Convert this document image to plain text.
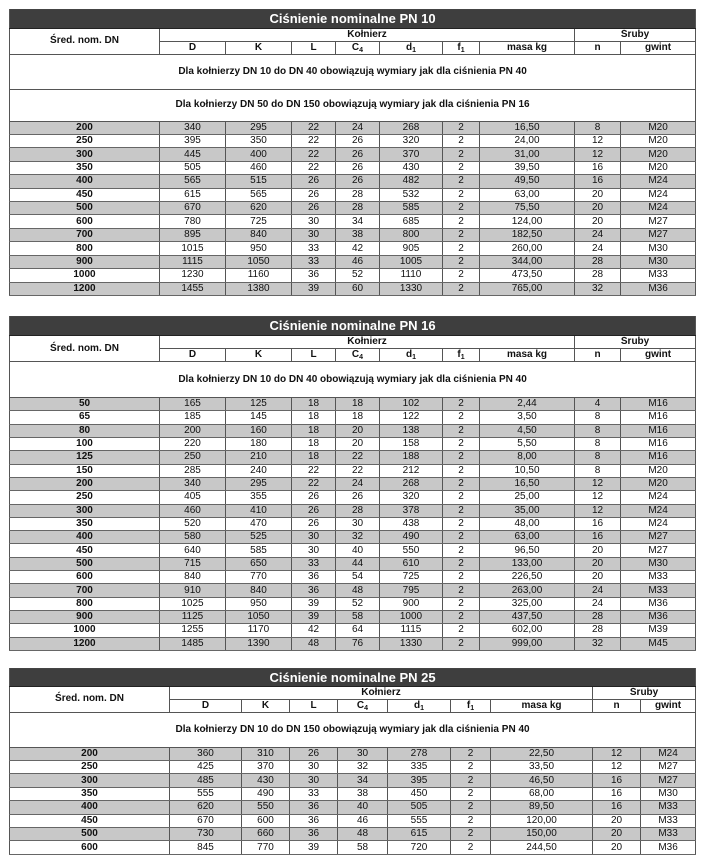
Ciśnienie nominalne PN 10									
Śred. nom. DN	Kołnierz							Śruby	
	D	K	L	$C_4$	$d_1$	$f_1$	masa kg	n	gwint
Dla kołnierzy DN 10 do DN 40 obowiązują wymiary jak dla ciśnienia PN 40									
Dla kołnierzy DN 50 do DN 150 obowiązują wymiary jak dla ciśnienia PN 16									
200	340	295	22	24	268	2	16,50	8	M20
250	395	350	22	26	320	2	24,00	12	M20
300	445	400	22	26	370	2	31,00	12	M20
350	505	460	22	26	430	2	39,50	16	M20
400	565	515	26	26	482	2	49,50	16	M24
450	615	565	26	28	532	2	63,00	20	M24
500	670	620	26	28	585	2	75,50	20	M24
600	780	725	30	34	685	2	124,00	20	M27
700	895	840	30	38	800	2	182,50	24	M27
800	1015	950	33	42	905	2	260,00	24	M30
900	1115	1050	33	46	1005	2	344,00	28	M30
1000	1230	1160	36	52	1110	2	473,50	28	M33
1200	1455	1380	39	60	1330	2	765,00	32	M36
Ciśnienie nominalne PN 16									
Śred. nom. DN	Kołnierz							Śruby	
	D	K	L	$C_4$	$d_1$	$f_1$	masa kg	n	gwint
Dla kołnierzy DN 10 do DN 40 obowiązują wymiary jak dla ciśnienia PN 40									
50	165	125	18	18	102	2	2,44	4	M16
65	185	145	18	18	122	2	3,50	8	M16
80	200	160	18	20	138	2	4,50	8	M16
100	220	180	18	20	158	2	5,50	8	M16
125	250	210	18	22	188	2	8,00	8	M16
150	285	240	22	22	212	2	10,50	8	M20
200	340	295	22	24	268	2	16,50	12	M20
250	405	355	26	26	320	2	25,00	12	M24
300	460	410	26	28	378	2	35,00	12	M24
350	520	470	26	30	438	2	48,00	16	M24
400	580	525	30	32	490	2	63,00	16	M27
450	640	585	30	40	550	2	96,50	20	M27
500	715	650	33	44	610	2	133,00	20	M30
600	840	770	36	54	725	2	226,50	20	M33
700	910	840	36	48	795	2	263,00	24	M33
800	1025	950	39	52	900	2	325,00	24	M36
900	1125	1050	39	58	1000	2	437,50	28	M36
1000	1255	1170	42	64	1115	2	602,00	28	M39
1200	1485	1390	48	76	1330	2	999,00	32	M45
Ciśnienie nominalne PN 25									
Śred. nom. DN	Kołnierz							Śruby	
	D	K	L	$C_4$	$d_1$	$f_1$	masa kg	n	gwint
Dla kołnierzy DN 10 do DN 150 obowiązują wymiary jak dla ciśnienia PN 40									
200	360	310	26	30	278	2	22,50	12	M24
250	425	370	30	32	335	2	33,50	12	M27
300	485	430	30	34	395	2	46,50	16	M27
350	555	490	33	38	450	2	68,00	16	M30
400	620	550	36	40	505	2	89,50	16	M33
450	670	600	36	46	555	2	120,00	20	M33
500	730	660	36	48	615	2	150,00	20	M33
600	845	770	39	58	720	2	244,50	20	M36
